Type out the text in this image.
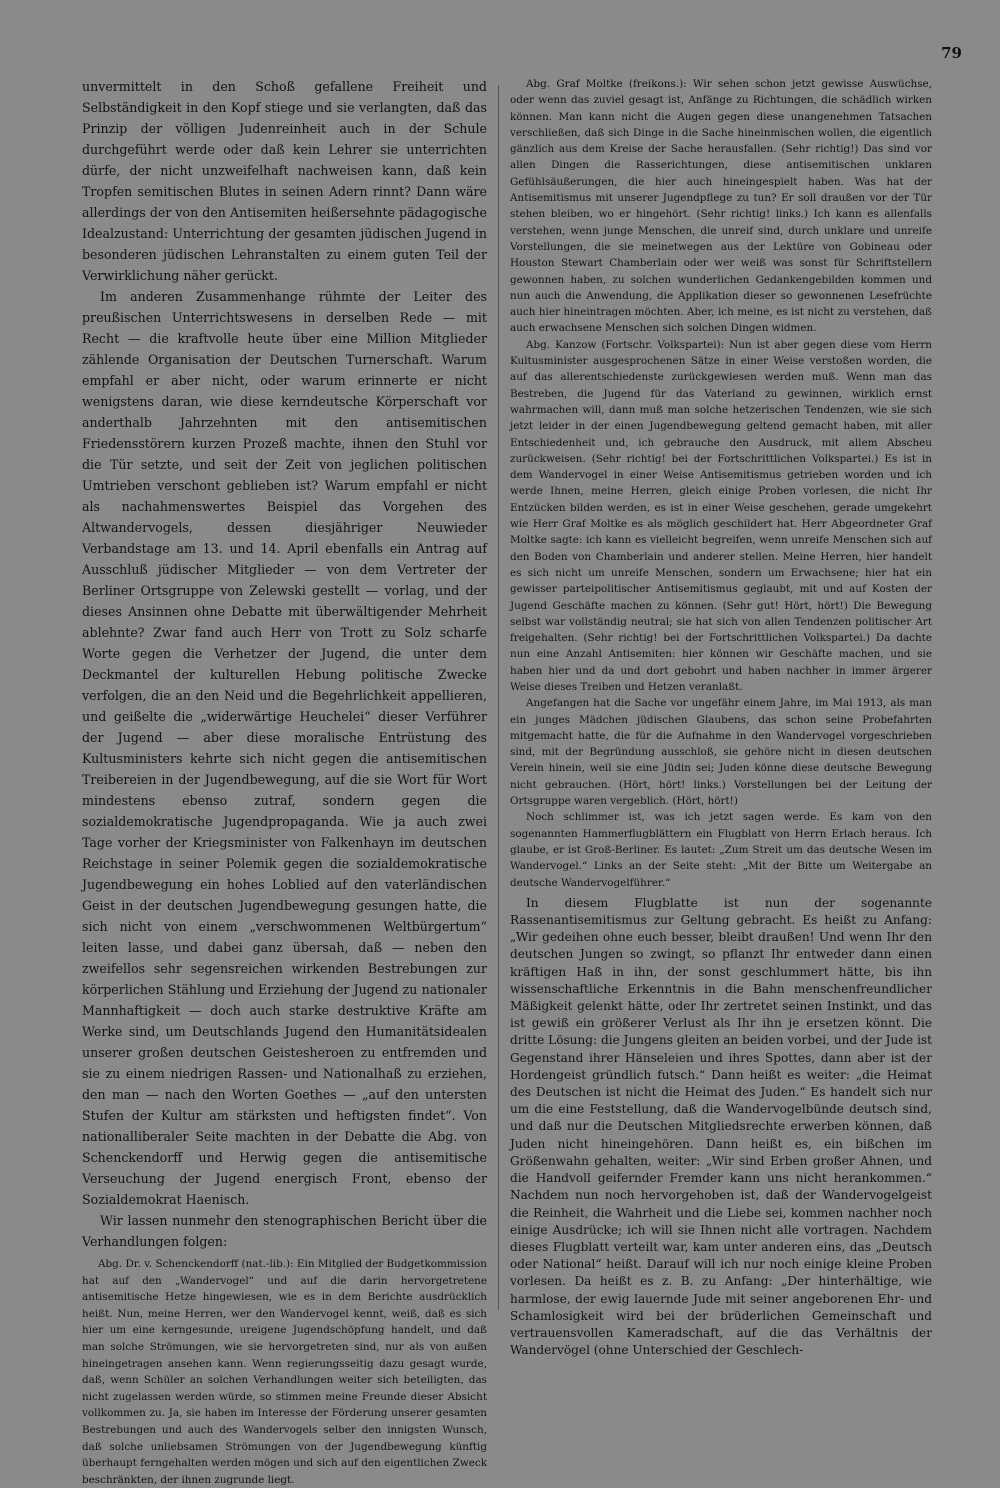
79

unvermittelt in den Schoß gefallene Freiheit und Selbständigkeit in den Kopf stiege und sie verlangten, daß das Prinzip der völligen Judenreinheit auch in der Schule durchgeführt werde oder daß kein Lehrer sie unterrichten dürfe, der nicht unzweifelhaft nachweisen kann, daß kein Tropfen semitischen Blutes in seinen Adern rinnt? Dann wäre allerdings der von den Antisemiten heißersehnte pädagogische Idealzustand: Unterrichtung der gesamten jüdischen Jugend in besonderen jüdischen Lehranstalten zu einem guten Teil der Verwirklichung näher gerückt.

Im anderen Zusammenhange rühmte der Leiter des preußischen Unterrichtswesens in derselben Rede — mit Recht — die kraftvolle heute über eine Million Mitglieder zählende Organisation der Deutschen Turnerschaft. Warum empfahl er aber nicht, oder warum erinnerte er nicht wenigstens daran, wie diese kerndeutsche Körperschaft vor anderthalb Jahrzehnten mit den antisemitischen Friedensstörern kurzen Prozeß machte, ihnen den Stuhl vor die Tür setzte, und seit der Zeit von jeglichen politischen Umtrieben verschont geblieben ist? Warum empfahl er nicht als nachahmenswertes Beispiel das Vorgehen des Altwandervogels, dessen diesjähriger Neuwieder Verbandstage am 13. und 14. April ebenfalls ein Antrag auf Ausschluß jüdischer Mitglieder — von dem Vertreter der Berliner Ortsgruppe von Zelewski gestellt — vorlag, und der dieses Ansinnen ohne Debatte mit überwältigender Mehrheit ablehnte? Zwar fand auch Herr von Trott zu Solz scharfe Worte gegen die Verhetzer der Jugend, die unter dem Deckmantel der kulturellen Hebung politische Zwecke verfolgen, die an den Neid und die Begehrlichkeit appellieren, und geißelte die „widerwärtige Heuchelei“ dieser Verführer der Jugend — aber diese moralische Entrüstung des Kultusministers kehrte sich nicht gegen die antisemitischen Treibereien in der Jugendbewegung, auf die sie Wort für Wort mindestens ebenso zutraf, sondern gegen die sozialdemokratische Jugendpropaganda. Wie ja auch zwei Tage vorher der Kriegsminister von Falkenhayn im deutschen Reichstage in seiner Polemik gegen die sozialdemokratische Jugendbewegung ein hohes Loblied auf den vaterländischen Geist in der deutschen Jugendbewegung gesungen hatte, die sich nicht von einem „verschwommenen Weltbürgertum“ leiten lasse, und dabei ganz übersah, daß — neben den zweifellos sehr segensreichen wirkenden Bestrebungen zur körperlichen Stählung und Erziehung der Jugend zu nationaler Mannhaftigkeit — doch auch starke destruktive Kräfte am Werke sind, um Deutschlands Jugend den Humanitätsidealen unserer großen deutschen Geistesheroen zu entfremden und sie zu einem niedrigen Rassen- und Nationalhaß zu erziehen, den man — nach den Worten Goethes — „auf den untersten Stufen der Kultur am stärksten und heftigsten findet“. Von nationalliberaler Seite machten in der Debatte die Abg. von Schenckendorff und Herwig gegen die antisemitische Verseuchung der Jugend energisch Front, ebenso der Sozialdemokrat Haenisch.

Wir lassen nunmehr den stenographischen Bericht über die Verhandlungen folgen:

Abg. Dr. v. Schenckendorff (nat.-lib.): Ein Mitglied der Budgetkommission hat auf den „Wandervogel“ und auf die darin hervorgetretene antisemitische Hetze hingewiesen, wie es in dem Berichte ausdrücklich heißt. Nun, meine Herren, wer den Wandervogel kennt, weiß, daß es sich hier um eine kerngesunde, ureigene Jugendschöpfung handelt, und daß man solche Strömungen, wie sie hervorgetreten sind, nur als von außen hineingetragen ansehen kann. Wenn regierungsseitig dazu gesagt wurde, daß, wenn Schüler an solchen Verhandlungen weiter sich beteiligten, das nicht zugelassen werden würde, so stimmen meine Freunde dieser Absicht vollkommen zu. Ja, sie haben im Interesse der Förderung unserer gesamten Bestrebungen und auch des Wandervogels selber den innigsten Wunsch, daß solche unliebsamen Strömungen von der Jugendbewegung künftig überhaupt ferngehalten werden mögen und sich auf den eigentlichen Zweck beschränkten, der ihnen zugrunde liegt.

Abg. Graf Moltke (freikons.): Wir sehen schon jetzt gewisse Auswüchse, oder wenn das zuviel gesagt ist, Anfänge zu Richtungen, die schädlich wirken können. Man kann nicht die Augen gegen diese unangenehmen Tatsachen verschließen, daß sich Dinge in die Sache hineinmischen wollen, die eigentlich gänzlich aus dem Kreise der Sache herausfallen. (Sehr richtig!) Das sind vor allen Dingen die Rasserichtungen, diese antisemitischen unklaren Gefühlsäußerungen, die hier auch hineingespielt haben. Was hat der Antisemitismus mit unserer Jugendpflege zu tun? Er soll draußen vor der Tür stehen bleiben, wo er hingehört. (Sehr richtig! links.) Ich kann es allenfalls verstehen, wenn junge Menschen, die unreif sind, durch unklare und unreife Vorstellungen, die sie meinetwegen aus der Lektüre von Gobineau oder Houston Stewart Chamberlain oder wer weiß was sonst für Schriftstellern gewonnen haben, zu solchen wunderlichen Gedankengebilden kommen und nun auch die Anwendung, die Applikation dieser so gewonnenen Lesefrüchte auch hier hineintragen möchten. Aber, ich meine, es ist nicht zu verstehen, daß auch erwachsene Menschen sich solchen Dingen widmen.

Abg. Kanzow (Fortschr. Volkspartei): Nun ist aber gegen diese vom Herrn Kultusminister ausgesprochenen Sätze in einer Weise verstoßen worden, die auf das allerentschiedenste zurückgewiesen werden muß. Wenn man das Bestreben, die Jugend für das Vaterland zu gewinnen, wirklich ernst wahrmachen will, dann muß man solche hetzerischen Tendenzen, wie sie sich jetzt leider in der einen Jugendbewegung geltend gemacht haben, mit aller Entschiedenheit und, ich gebrauche den Ausdruck, mit allem Abscheu zurückweisen. (Sehr richtig! bei der Fortschrittlichen Volkspartei.) Es ist in dem Wandervogel in einer Weise Antisemitismus getrieben worden und ich werde Ihnen, meine Herren, gleich einige Proben vorlesen, die nicht Ihr Entzücken bilden werden, es ist in einer Weise geschehen, gerade umgekehrt wie Herr Graf Moltke es als möglich geschildert hat. Herr Abgeordneter Graf Moltke sagte: ich kann es vielleicht begreifen, wenn unreife Menschen sich auf den Boden von Chamberlain und anderer stellen. Meine Herren, hier handelt es sich nicht um unreife Menschen, sondern um Erwachsene; hier hat ein gewisser parteipolitischer Antisemitismus geglaubt, mit und auf Kosten der Jugend Geschäfte machen zu können. (Sehr gut! Hört, hört!) Die Bewegung selbst war vollständig neutral; sie hat sich von allen Tendenzen politischer Art freigehalten. (Sehr richtig! bei der Fortschrittlichen Volkspartei.) Da dachte nun eine Anzahl Antisemiten: hier können wir Geschäfte machen, und sie haben hier und da und dort gebohrt und haben nachher in immer ärgerer Weise dieses Treiben und Hetzen veranlaßt.

Angefangen hat die Sache vor ungefähr einem Jahre, im Mai 1913, als man ein junges Mädchen jüdischen Glaubens, das schon seine Probefahrten mitgemacht hatte, die für die Aufnahme in den Wandervogel vorgeschrieben sind, mit der Begründung ausschloß, sie gehöre nicht in diesen deutschen Verein hinein, weil sie eine Jüdin sei; Juden könne diese deutsche Bewegung nicht gebrauchen. (Hört, hört! links.) Vorstellungen bei der Leitung der Ortsgruppe waren vergeblich. (Hört, hört!)

Noch schlimmer ist, was ich jetzt sagen werde. Es kam von den sogenannten Hammerflugblättern ein Flugblatt von Herrn Erlach heraus. Ich glaube, er ist Groß-Berliner. Es lautet: „Zum Streit um das deutsche Wesen im Wandervogel.“ Links an der Seite steht: „Mit der Bitte um Weitergabe an deutsche Wandervogelführer.“

In diesem Flugblatte ist nun der sogenannte Rassenantisemitismus zur Geltung gebracht. Es heißt zu Anfang: „Wir gedeihen ohne euch besser, bleibt draußen! Und wenn Ihr den deutschen Jungen so zwingt, so pflanzt Ihr entweder dann einen kräftigen Haß in ihn, der sonst geschlummert hätte, bis ihn wissenschaftliche Erkenntnis in die Bahn menschenfreundlicher Mäßigkeit gelenkt hätte, oder Ihr zertretet seinen Instinkt, und das ist gewiß ein größerer Verlust als Ihr ihn je ersetzen könnt. Die dritte Lösung: die Jungens gleiten an beiden vorbei, und der Jude ist Gegenstand ihrer Hänseleien und ihres Spottes, dann aber ist der Hordengeist gründlich futsch.“ Dann heißt es weiter: „die Heimat des Deutschen ist nicht die Heimat des Juden.“ Es handelt sich nur um die eine Feststellung, daß die Wandervogelbünde deutsch sind, und daß nur die Deutschen Mitgliedsrechte erwerben können, daß Juden nicht hineingehören. Dann heißt es, ein bißchen im Größenwahn gehalten, weiter: „Wir sind Erben großer Ahnen, und die Handvoll geifernder Fremder kann uns nicht herankommen.“ Nachdem nun noch hervorgehoben ist, daß der Wandervogelgeist die Reinheit, die Wahrheit und die Liebe sei, kommen nachher noch einige Ausdrücke; ich will sie Ihnen nicht alle vortragen. Nachdem dieses Flugblatt verteilt war, kam unter anderen eins, das „Deutsch oder National“ heißt. Darauf will ich nur noch einige kleine Proben vorlesen. Da heißt es z. B. zu Anfang: „Der hinterhältige, wie harmlose, der ewig lauernde Jude mit seiner angeborenen Ehr- und Schamlosigkeit wird bei der brüderlichen Gemeinschaft und vertrauensvollen Kameradschaft, auf die das Verhältnis der Wandervögel (ohne Unterschied der Geschlech-
